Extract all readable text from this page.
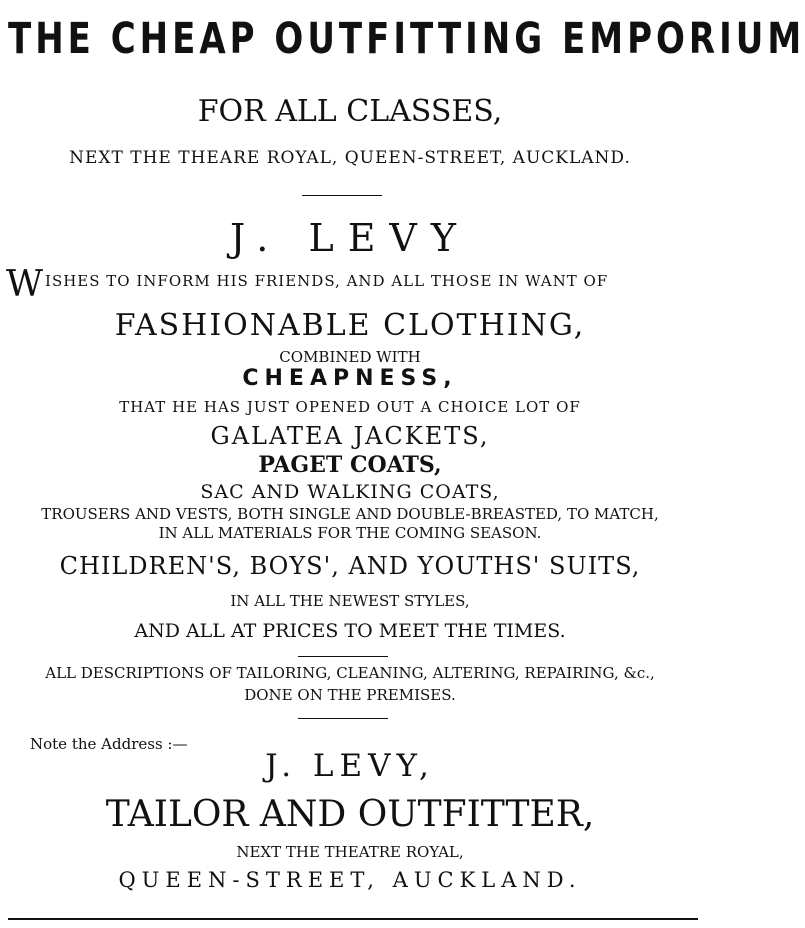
THE CHEAP OUTFITTING EMPORIUM
FOR ALL CLASSES,
NEXT THE THEARE ROYAL, QUEEN-STREET, AUCKLAND.
J. LEVY
WISHES TO INFORM HIS FRIENDS, AND ALL THOSE IN WANT OF
FASHIONABLE CLOTHING,
COMBINED WITH
CHEAPNESS,
THAT HE HAS JUST OPENED OUT A CHOICE LOT OF
GALATEA JACKETS,
PAGET COATS,
SAC AND WALKING COATS,
TROUSERS AND VESTS, BOTH SINGLE AND DOUBLE-BREASTED, TO MATCH,
IN ALL MATERIALS FOR THE COMING SEASON.
CHILDREN'S, BOYS', AND YOUTHS' SUITS,
IN ALL THE NEWEST STYLES,
AND ALL AT PRICES TO MEET THE TIMES.
ALL DESCRIPTIONS OF TAILORING, CLEANING, ALTERING, REPAIRING, &c.,
DONE ON THE PREMISES.
Note the Address :—
J. LEVY,
TAILOR AND OUTFITTER,
NEXT THE THEATRE ROYAL,
QUEEN-STREET, AUCKLAND.
